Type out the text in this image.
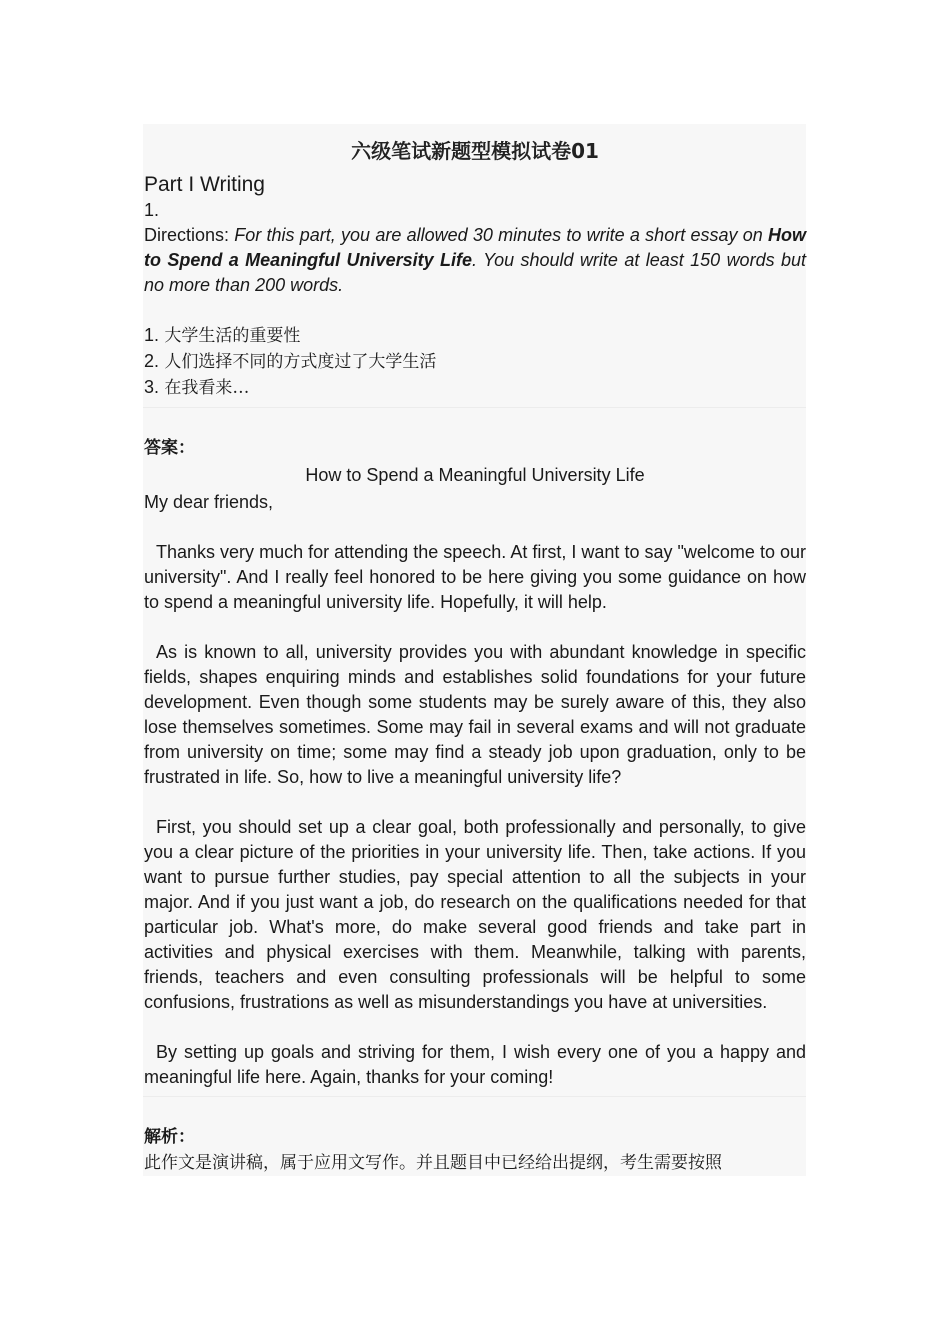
六级笔试新题型模拟试卷01
Part I Writing
1.

Directions: For this part, you are allowed 30 minutes to write a short essay on How to Spend a Meaningful University Life. You should write at least 150 words but no more than 200 words.

1. 大学生活的重要性
2. 人们选择不同的方式度过了大学生活
3. 在我看来…
答案：
How to Spend a Meaningful University Life

My dear friends,

Thanks very much for attending the speech. At first, I want to say "welcome to our university". And I really feel honored to be here giving you some guidance on how to spend a meaningful university life. Hopefully, it will help.

As is known to all, university provides you with abundant knowledge in specific fields, shapes enquiring minds and establishes solid foundations for your future development. Even though some students may be surely aware of this, they also lose themselves sometimes. Some may fail in several exams and will not graduate from university on time; some may find a steady job upon graduation, only to be frustrated in life. So, how to live a meaningful university life?

First, you should set up a clear goal, both professionally and personally, to give you a clear picture of the priorities in your university life. Then, take actions. If you want to pursue further studies, pay special attention to all the subjects in your major. And if you just want a job, do research on the qualifications needed for that particular job. What's more, do make several good friends and take part in activities and physical exercises with them. Meanwhile, talking with parents, friends, teachers and even consulting professionals will be helpful to some confusions, frustrations as well as misunderstandings you have at universities.

By setting up goals and striving for them, I wish every one of you a happy and meaningful life here. Again, thanks for your coming!

解析：
此作文是演讲稿，属于应用文写作。并且题目中已经给出提纲，考生需要按照
